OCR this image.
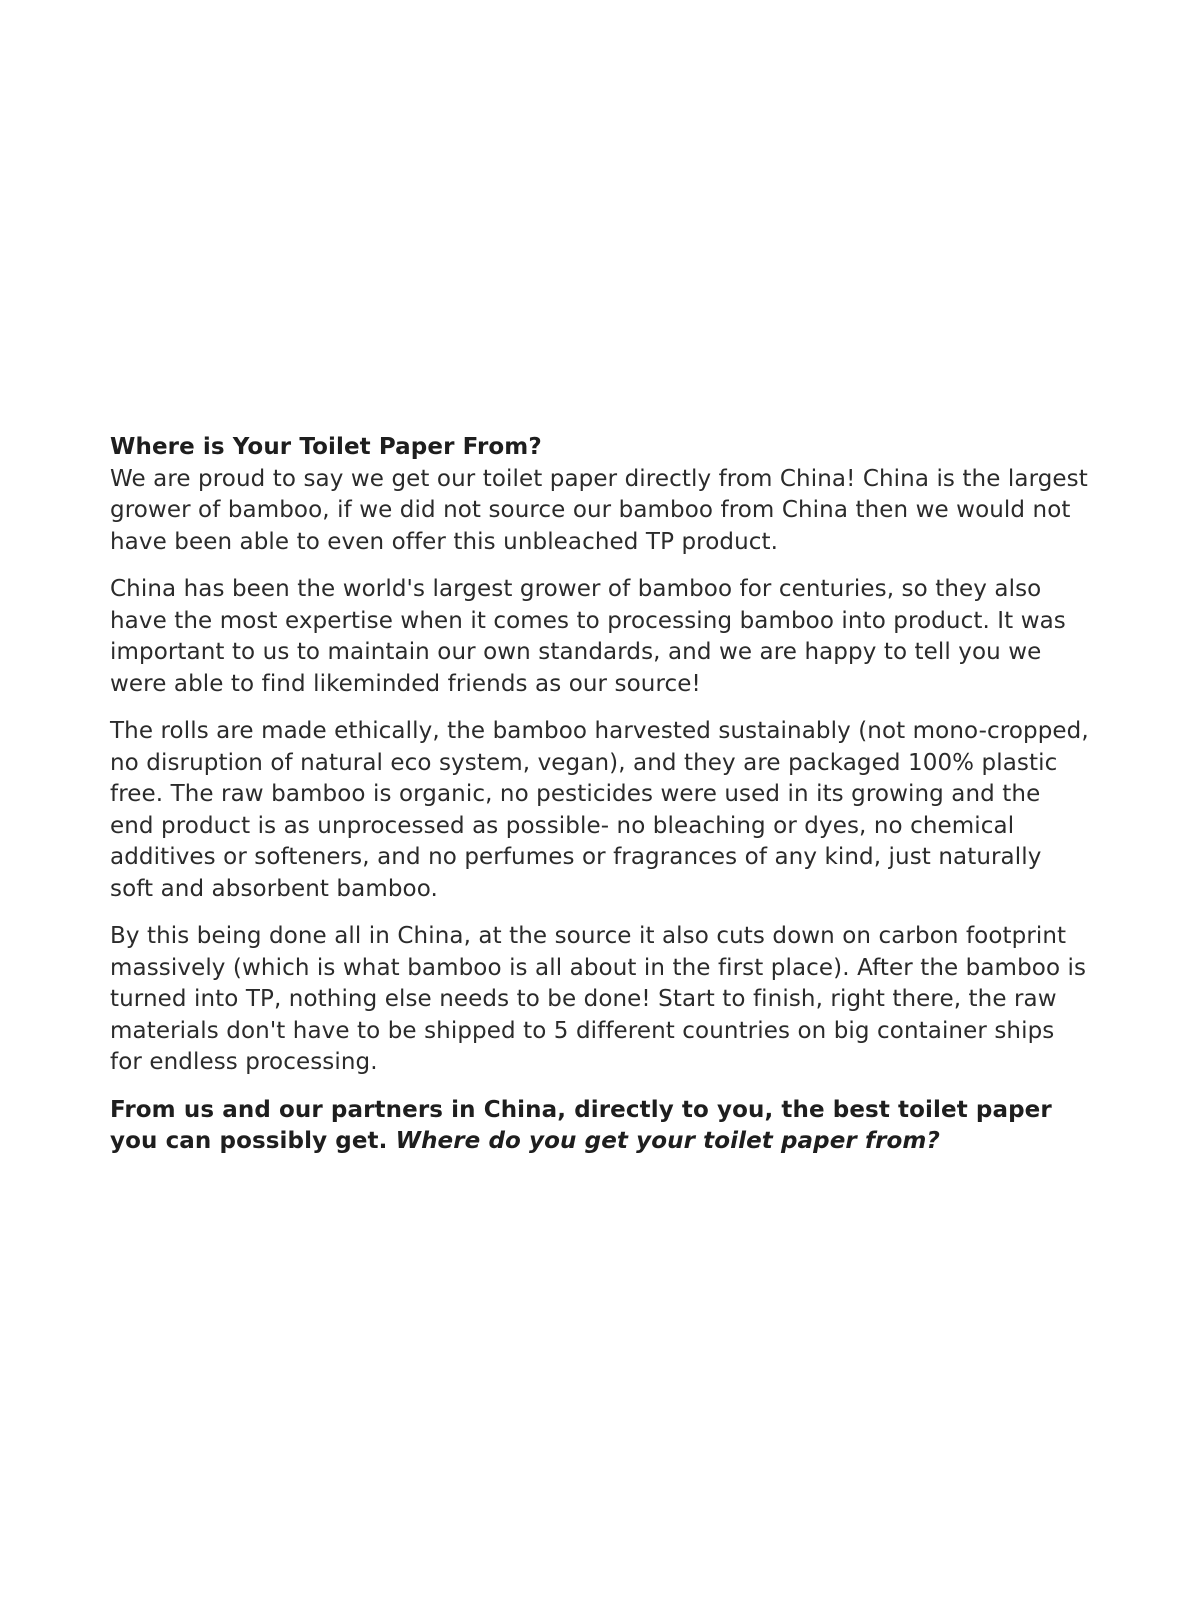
Where is Your Toilet Paper From?

We are proud to say we get our toilet paper directly from China! China is the largest grower of bamboo, if we did not source our bamboo from China then we would not have been able to even offer this unbleached TP product.

China has been the world's largest grower of bamboo for centuries, so they also have the most expertise when it comes to processing bamboo into product. It was important to us to maintain our own standards, and we are happy to tell you we were able to find likeminded friends as our source!

The rolls are made ethically, the bamboo harvested sustainably (not mono-cropped, no disruption of natural eco system, vegan), and they are packaged 100% plastic free. The raw bamboo is organic, no pesticides were used in its growing and the end product is as unprocessed as possible- no bleaching or dyes, no chemical additives or softeners, and no perfumes or fragrances of any kind, just naturally soft and absorbent bamboo.

By this being done all in China, at the source it also cuts down on carbon footprint massively (which is what bamboo is all about in the first place). After the bamboo is turned into TP, nothing else needs to be done! Start to finish, right there, the raw materials don't have to be shipped to 5 different countries on big container ships for endless processing.

From us and our partners in China, directly to you, the best toilet paper you can possibly get. Where do you get your toilet paper from?
